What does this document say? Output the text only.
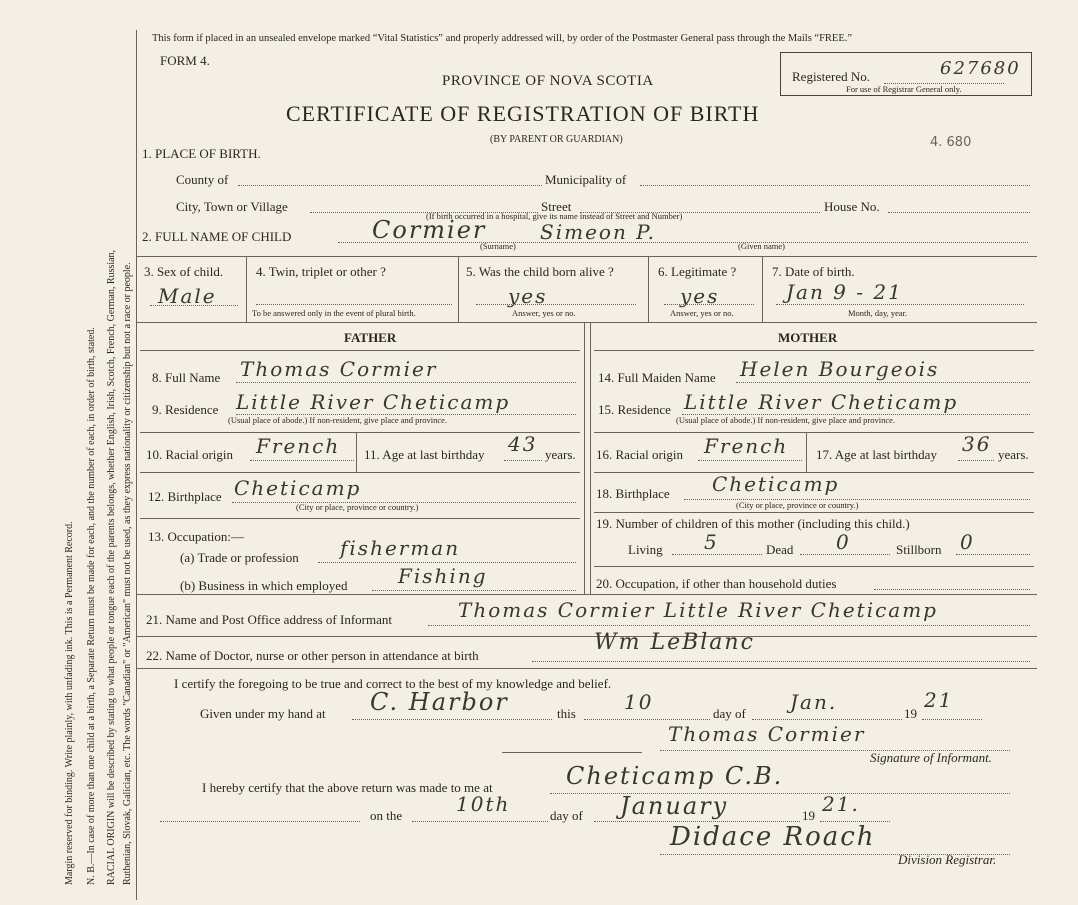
Margin reserved for binding. Write plainly, with unfading ink. This is a Permanent Record. N. B.—In case of more than one child at a birth, a Separate Return must be made for each, and the number of each, in order of birth, stated. RACIAL ORIGIN will be described by stating to what people or tongue each of the parents belongs, whether English, Irish, Scotch, French, German, Russian, Ruthenian, Slovak, Galician, etc. The words "Canadian" or "American" must not be used, as they express nationality or citizenship but not a race or people.
This form if placed in an unsealed envelope marked “Vital Statistics” and properly addressed will, by order of the Postmaster General pass through the Mails “FREE.”
FORM 4.
PROVINCE OF NOVA SCOTIA
CERTIFICATE OF REGISTRATION OF BIRTH
(BY PARENT OR GUARDIAN)
Registered No.	627680
For use of Registrar General only.
4. 680
1. PLACE OF BIRTH.
County of	Municipality of
City, Town or Village	Street	House No.
(If birth occurred in a hospital, give its name instead of Street and Number)
2. FULL NAME OF CHILD	Cormier	Simeon P.
(Surname)	(Given name)
3. Sex of child.
Male
4. Twin, triplet or other ?
To be answered only in the event of plural birth.
5. Was the child born alive ?
yes
Answer, yes or no.
6. Legitimate ?
yes
Answer, yes or no.
7. Date of birth.
Jan 9 - 21
Month, day, year.
FATHER	MOTHER
8. Full Name Thomas Cormier
9. Residence Little River Cheticamp
(Usual place of abode.) If non-resident, give place and province.
10. Racial origin French 11. Age at last birthday 43 years.
12. Birthplace Cheticamp
(City or place, province or country.)
13. Occupation:—
(a) Trade or profession fisherman
(b) Business in which employed	Fishing
14. Full Maiden Name Helen Bourgeois
15. Residence Little River Cheticamp
(Usual place of abode.) If non-resident, give place and province.
16. Racial origin French 17. Age at last birthday 36 years.
18. Birthplace Cheticamp
(City or place, province or country.)
19. Number of children of this mother (including this child.)
Living 5	Dead 0	Stillborn 0
20. Occupation, if other than household duties
21. Name and Post Office address of Informant	Thomas Cormier Little River Cheticamp
22. Name of Doctor, nurse or other person in attendance at birth
Wm LeBlanc
I certify the foregoing to be true and correct to the best of my knowledge and belief.
Given under my hand at C. Harbor	this 10	day of Jan.	19
21
Thomas Cormier
Signature of Informant.
I hereby certify that the above return was made to me at	Cheticamp C.B.
on the	10th	day of January	19 21.
Didace Roach
Division Registrar.
